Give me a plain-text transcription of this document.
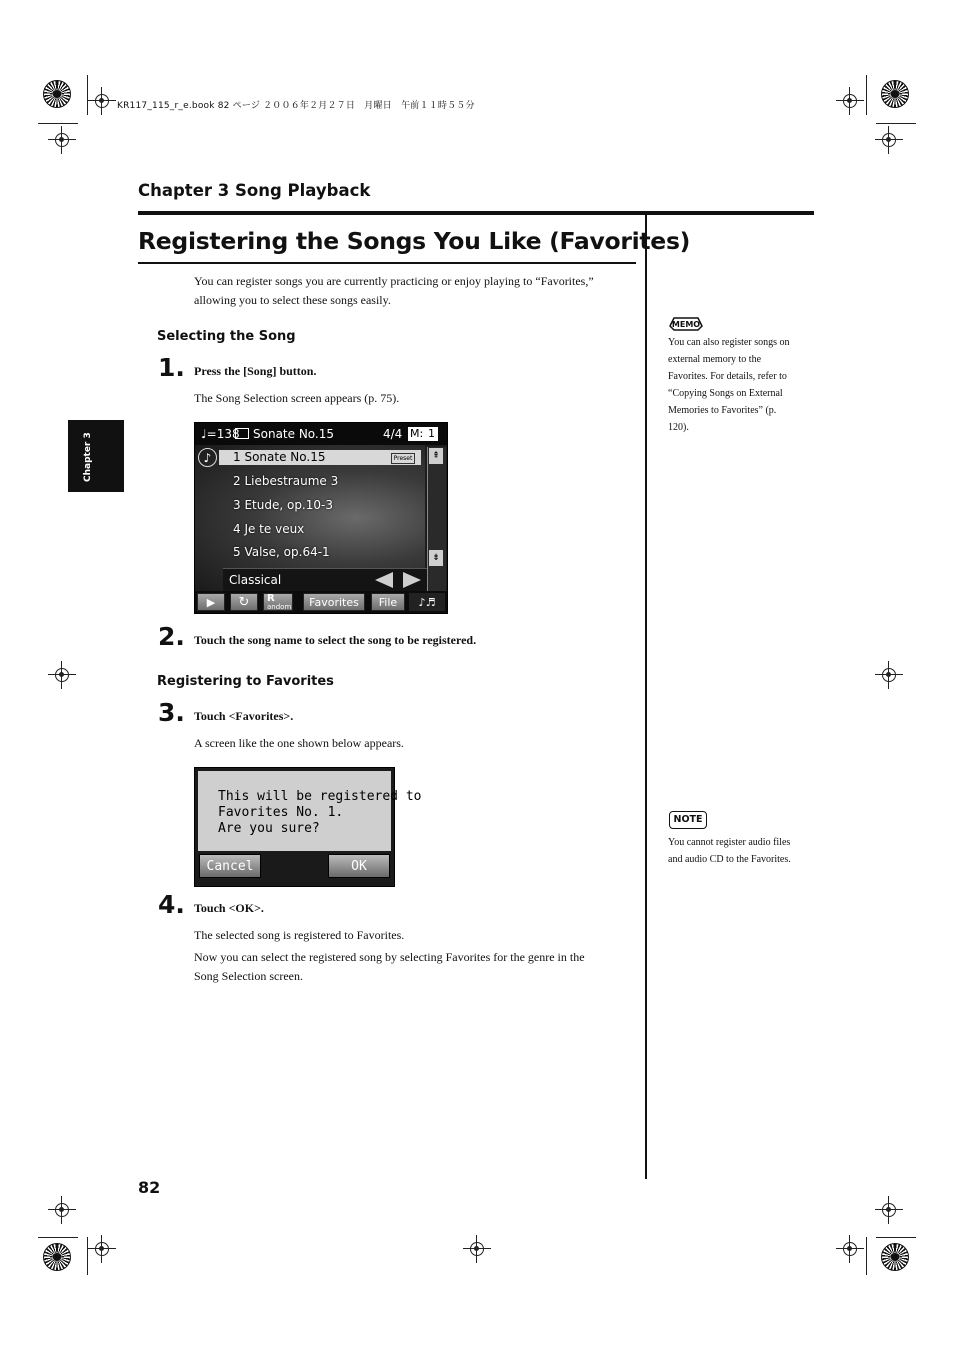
KR117_115_r_e.book 82 ページ ２００６年２月２７日　月曜日　午前１１時５５分
Chapter 3 Song Playback
Chapter 3
Registering the Songs You Like (Favorites)
You can register songs you are currently practicing or enjoy playing to “Favorites,”
allowing you to select these songs easily.
Selecting the Song
1. Press the [Song] button.
The Song Selection screen appears (p. 75).
♩=138 Sonate No.15	4/4 M: 1
♪	1 Sonate No.15	Preset
2 Liebestraume 3
3 Etude, op.10-3
4 Je te veux
5 Valse, op.64-1
⇞
⇟
Classical
▶	↻	R
andom	Favorites	File	♪♬
2. Touch the song name to select the song to be registered.
Registering to Favorites
3. Touch <Favorites>.
A screen like the one shown below appears.
This will be registered to
Favorites No. 1.
Are you sure?
Cancel	OK
4. Touch <OK>.
The selected song is registered to Favorites.
Now you can select the registered song by selecting Favorites for the genre in the
Song Selection screen.
MEMO
You can also register songs on
external memory to the
Favorites. For details, refer to
“Copying Songs on External
Memories to Favorites” (p.
120).
NOTE
You cannot register audio files
and audio CD to the Favorites.
82
